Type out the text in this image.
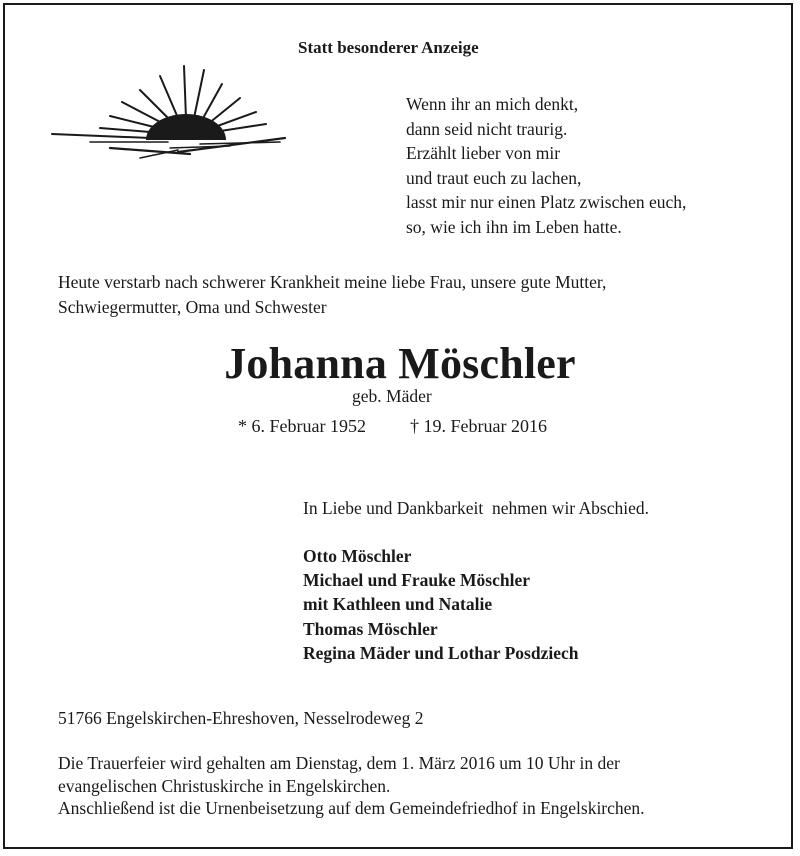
Statt besonderer Anzeige
Wenn ihr an mich denkt,
dann seid nicht traurig.
Erzählt lieber von mir
und traut euch zu lachen,
lasst mir nur einen Platz zwischen euch,
so, wie ich ihn im Leben hatte.
Heute verstarb nach schwerer Krankheit meine liebe Frau, unsere gute Mutter,
Schwiegermutter, Oma und Schwester
Johanna Möschler
geb. Mäder
* 6. Februar 1952 † 19. Februar 2016
In Liebe und Dankbarkeit  nehmen wir Abschied.
Otto Möschler
Michael und Frauke Möschler
mit Kathleen und Natalie
Thomas Möschler
Regina Mäder und Lothar Posdziech
51766 Engelskirchen-Ehreshoven, Nesselrodeweg 2
Die Trauerfeier wird gehalten am Dienstag, dem 1. März 2016 um 10 Uhr in der
evangelischen Christuskirche in Engelskirchen.
Anschließend ist die Urnenbeisetzung auf dem Gemeindefriedhof in Engelskirchen.
